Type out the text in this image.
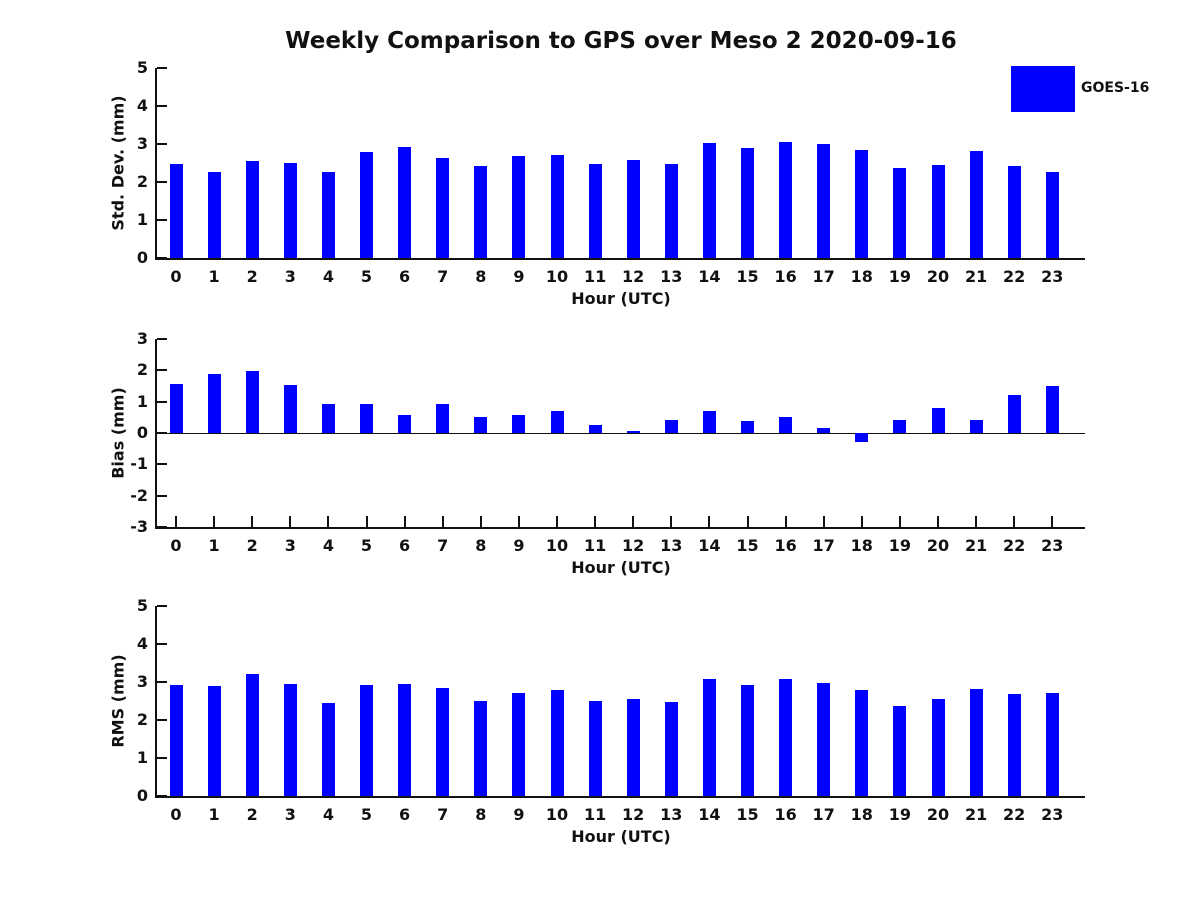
Weekly Comparison to GPS over Meso 2 2020-09-16
GOES-16
0
1
2
3
4
5
0	1	2	3	4	5	6	7	8	9	10 11 12 13 14 15 16 17 18 19 20 21 22 23
Hour (UTC)
Std. Dev. (mm)
-3
-2
-1
0
1
2
3
0	1	2	3	4	5	6	7	8	9	10 11 12 13 14 15 16 17 18 19 20 21 22 23
Hour (UTC)
Bias (mm)
0
1
2
3
4
5
0	1	2	3	4	5	6	7	8	9	10 11 12 13 14 15 16 17 18 19 20 21 22 23
Hour (UTC)
RMS (mm)
